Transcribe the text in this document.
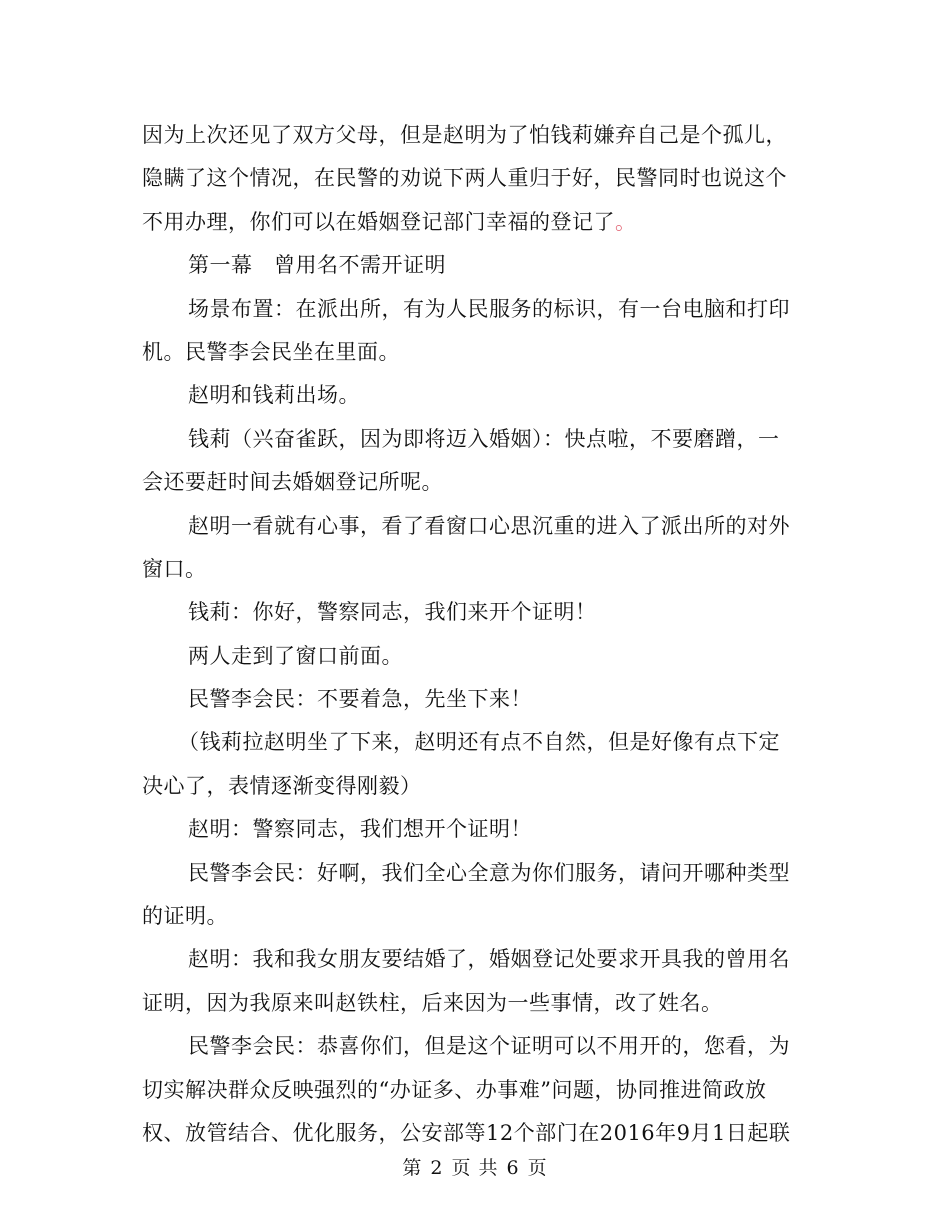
因为上次还见了双方父母，但是赵明为了怕钱莉嫌弃自己是个孤儿，
隐瞒了这个情况，在民警的劝说下两人重归于好，民警同时也说这个
不用办理，你们可以在婚姻登记部门幸福的登记了。
第一幕　曾用名不需开证明
场景布置：在派出所，有为人民服务的标识，有一台电脑和打印
机。民警李会民坐在里面。
赵明和钱莉出场。
钱莉（兴奋雀跃，因为即将迈入婚姻）：快点啦，不要磨蹭，一
会还要赶时间去婚姻登记所呢。
赵明一看就有心事，看了看窗口心思沉重的进入了派出所的对外
窗口。
钱莉：你好，警察同志，我们来开个证明！
两人走到了窗口前面。
民警李会民：不要着急，先坐下来！
（钱莉拉赵明坐了下来，赵明还有点不自然，但是好像有点下定
决心了，表情逐渐变得刚毅）
赵明：警察同志，我们想开个证明！
民警李会民：好啊，我们全心全意为你们服务，请问开哪种类型
的证明。
赵明：我和我女朋友要结婚了，婚姻登记处要求开具我的曾用名
证明，因为我原来叫赵铁柱，后来因为一些事情，改了姓名。
民警李会民：恭喜你们，但是这个证明可以不用开的，您看，为
切实解决群众反映强烈的“办证多、办事难”问题，协同推进简政放
权、放管结合、优化服务，公安部等12个部门在2016年9月1日起联
第 2 页 共 6 页
